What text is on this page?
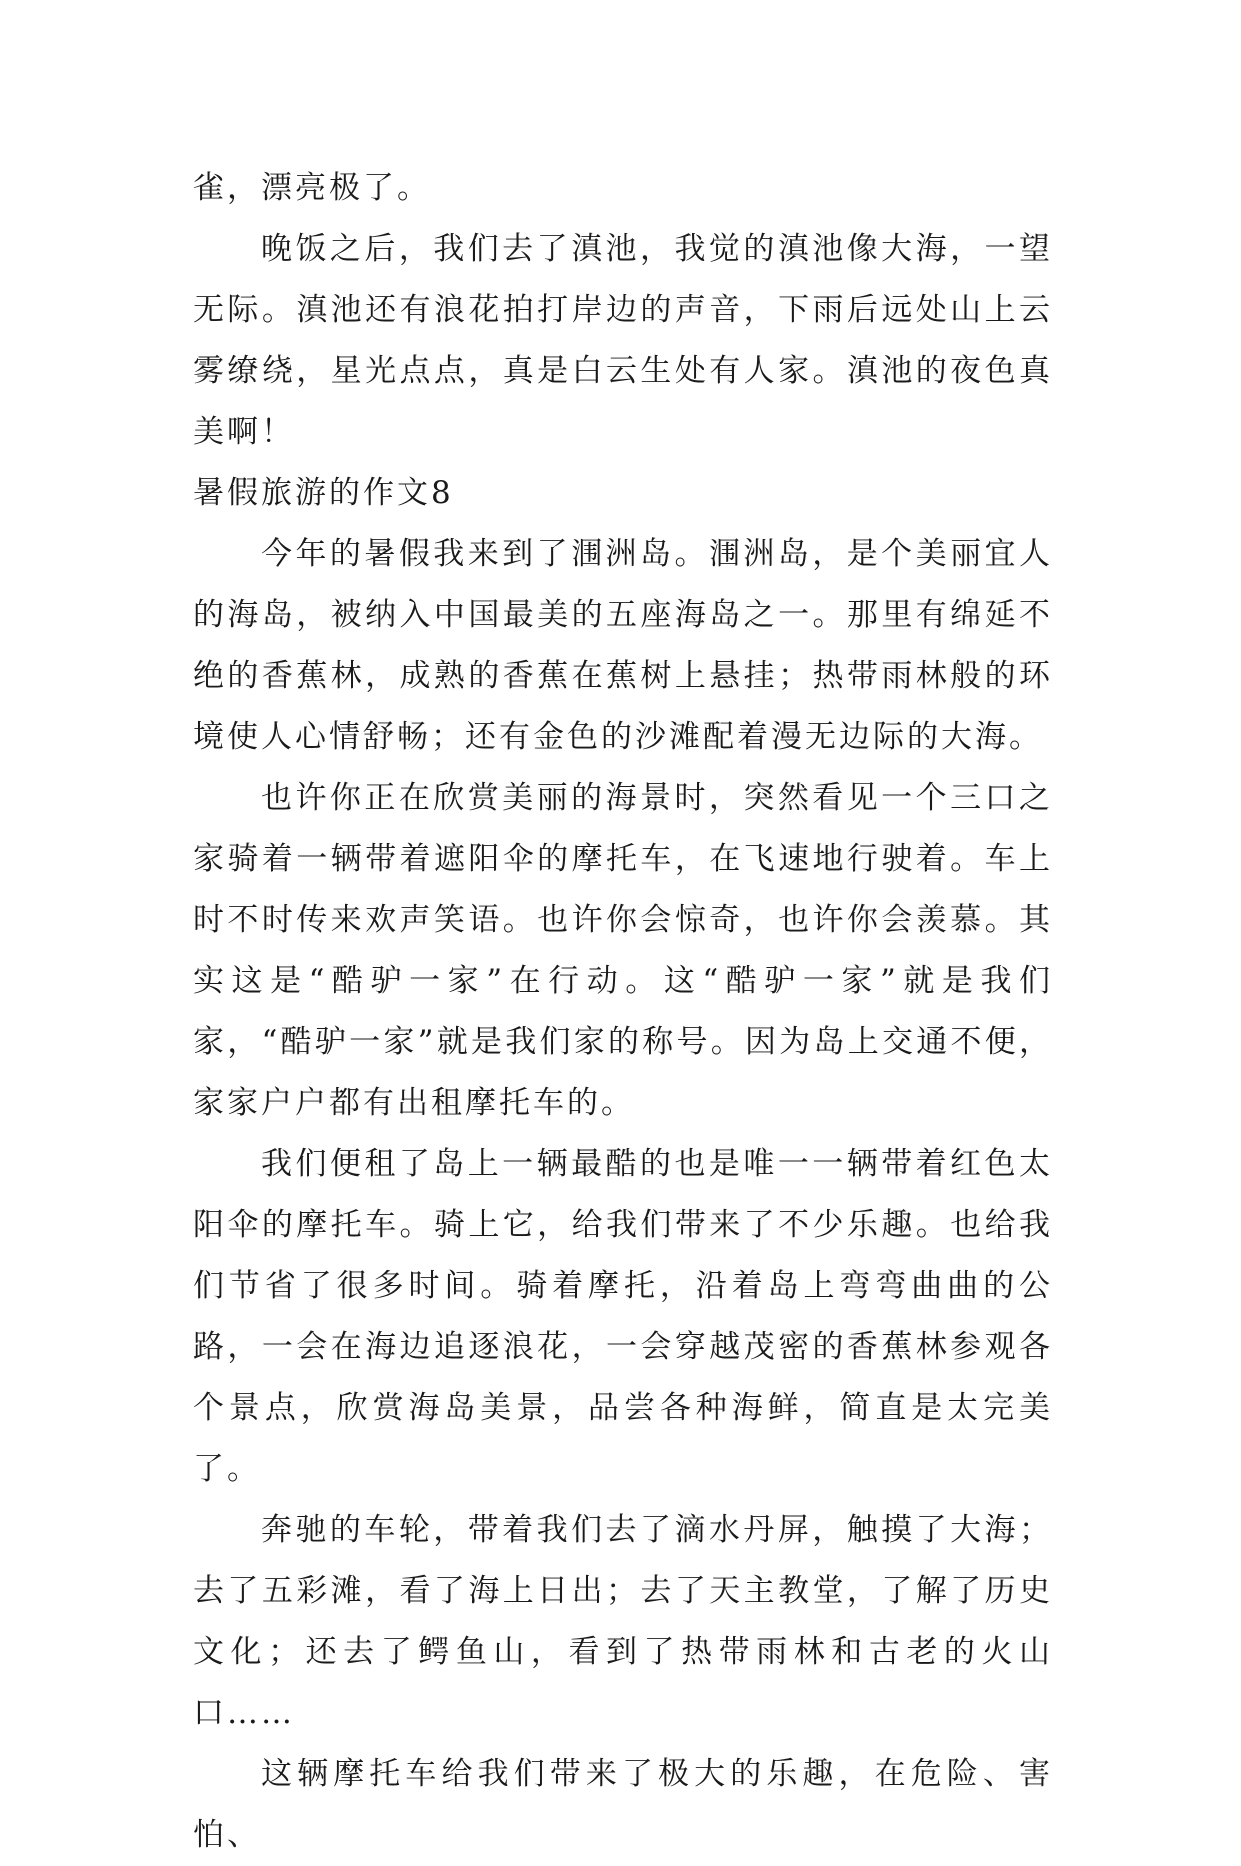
雀，漂亮极了。

晚饭之后，我们去了滇池，我觉的滇池像大海，一望无际。滇池还有浪花拍打岸边的声音，下雨后远处山上云雾缭绕，星光点点，真是白云生处有人家。滇池的夜色真美啊！

暑假旅游的作文8

今年的暑假我来到了涠洲岛。涠洲岛，是个美丽宜人的海岛，被纳入中国最美的五座海岛之一。那里有绵延不绝的香蕉林，成熟的香蕉在蕉树上悬挂；热带雨林般的环境使人心情舒畅；还有金色的沙滩配着漫无边际的大海。

也许你正在欣赏美丽的海景时，突然看见一个三口之家骑着一辆带着遮阳伞的摩托车，在飞速地行驶着。车上时不时传来欢声笑语。也许你会惊奇，也许你会羡慕。其实这是“酷驴一家”在行动。这“酷驴一家”就是我们家，“酷驴一家”就是我们家的称号。因为岛上交通不便，家家户户都有出租摩托车的。

我们便租了岛上一辆最酷的也是唯一一辆带着红色太阳伞的摩托车。骑上它，给我们带来了不少乐趣。也给我们节省了很多时间。骑着摩托，沿着岛上弯弯曲曲的公路，一会在海边追逐浪花，一会穿越茂密的香蕉林参观各个景点，欣赏海岛美景，品尝各种海鲜，简直是太完美了。

奔驰的车轮，带着我们去了滴水丹屏，触摸了大海；去了五彩滩，看了海上日出；去了天主教堂，了解了历史文化；还去了鳄鱼山，看到了热带雨林和古老的火山口……

这辆摩托车给我们带来了极大的乐趣，在危险、害怕、
